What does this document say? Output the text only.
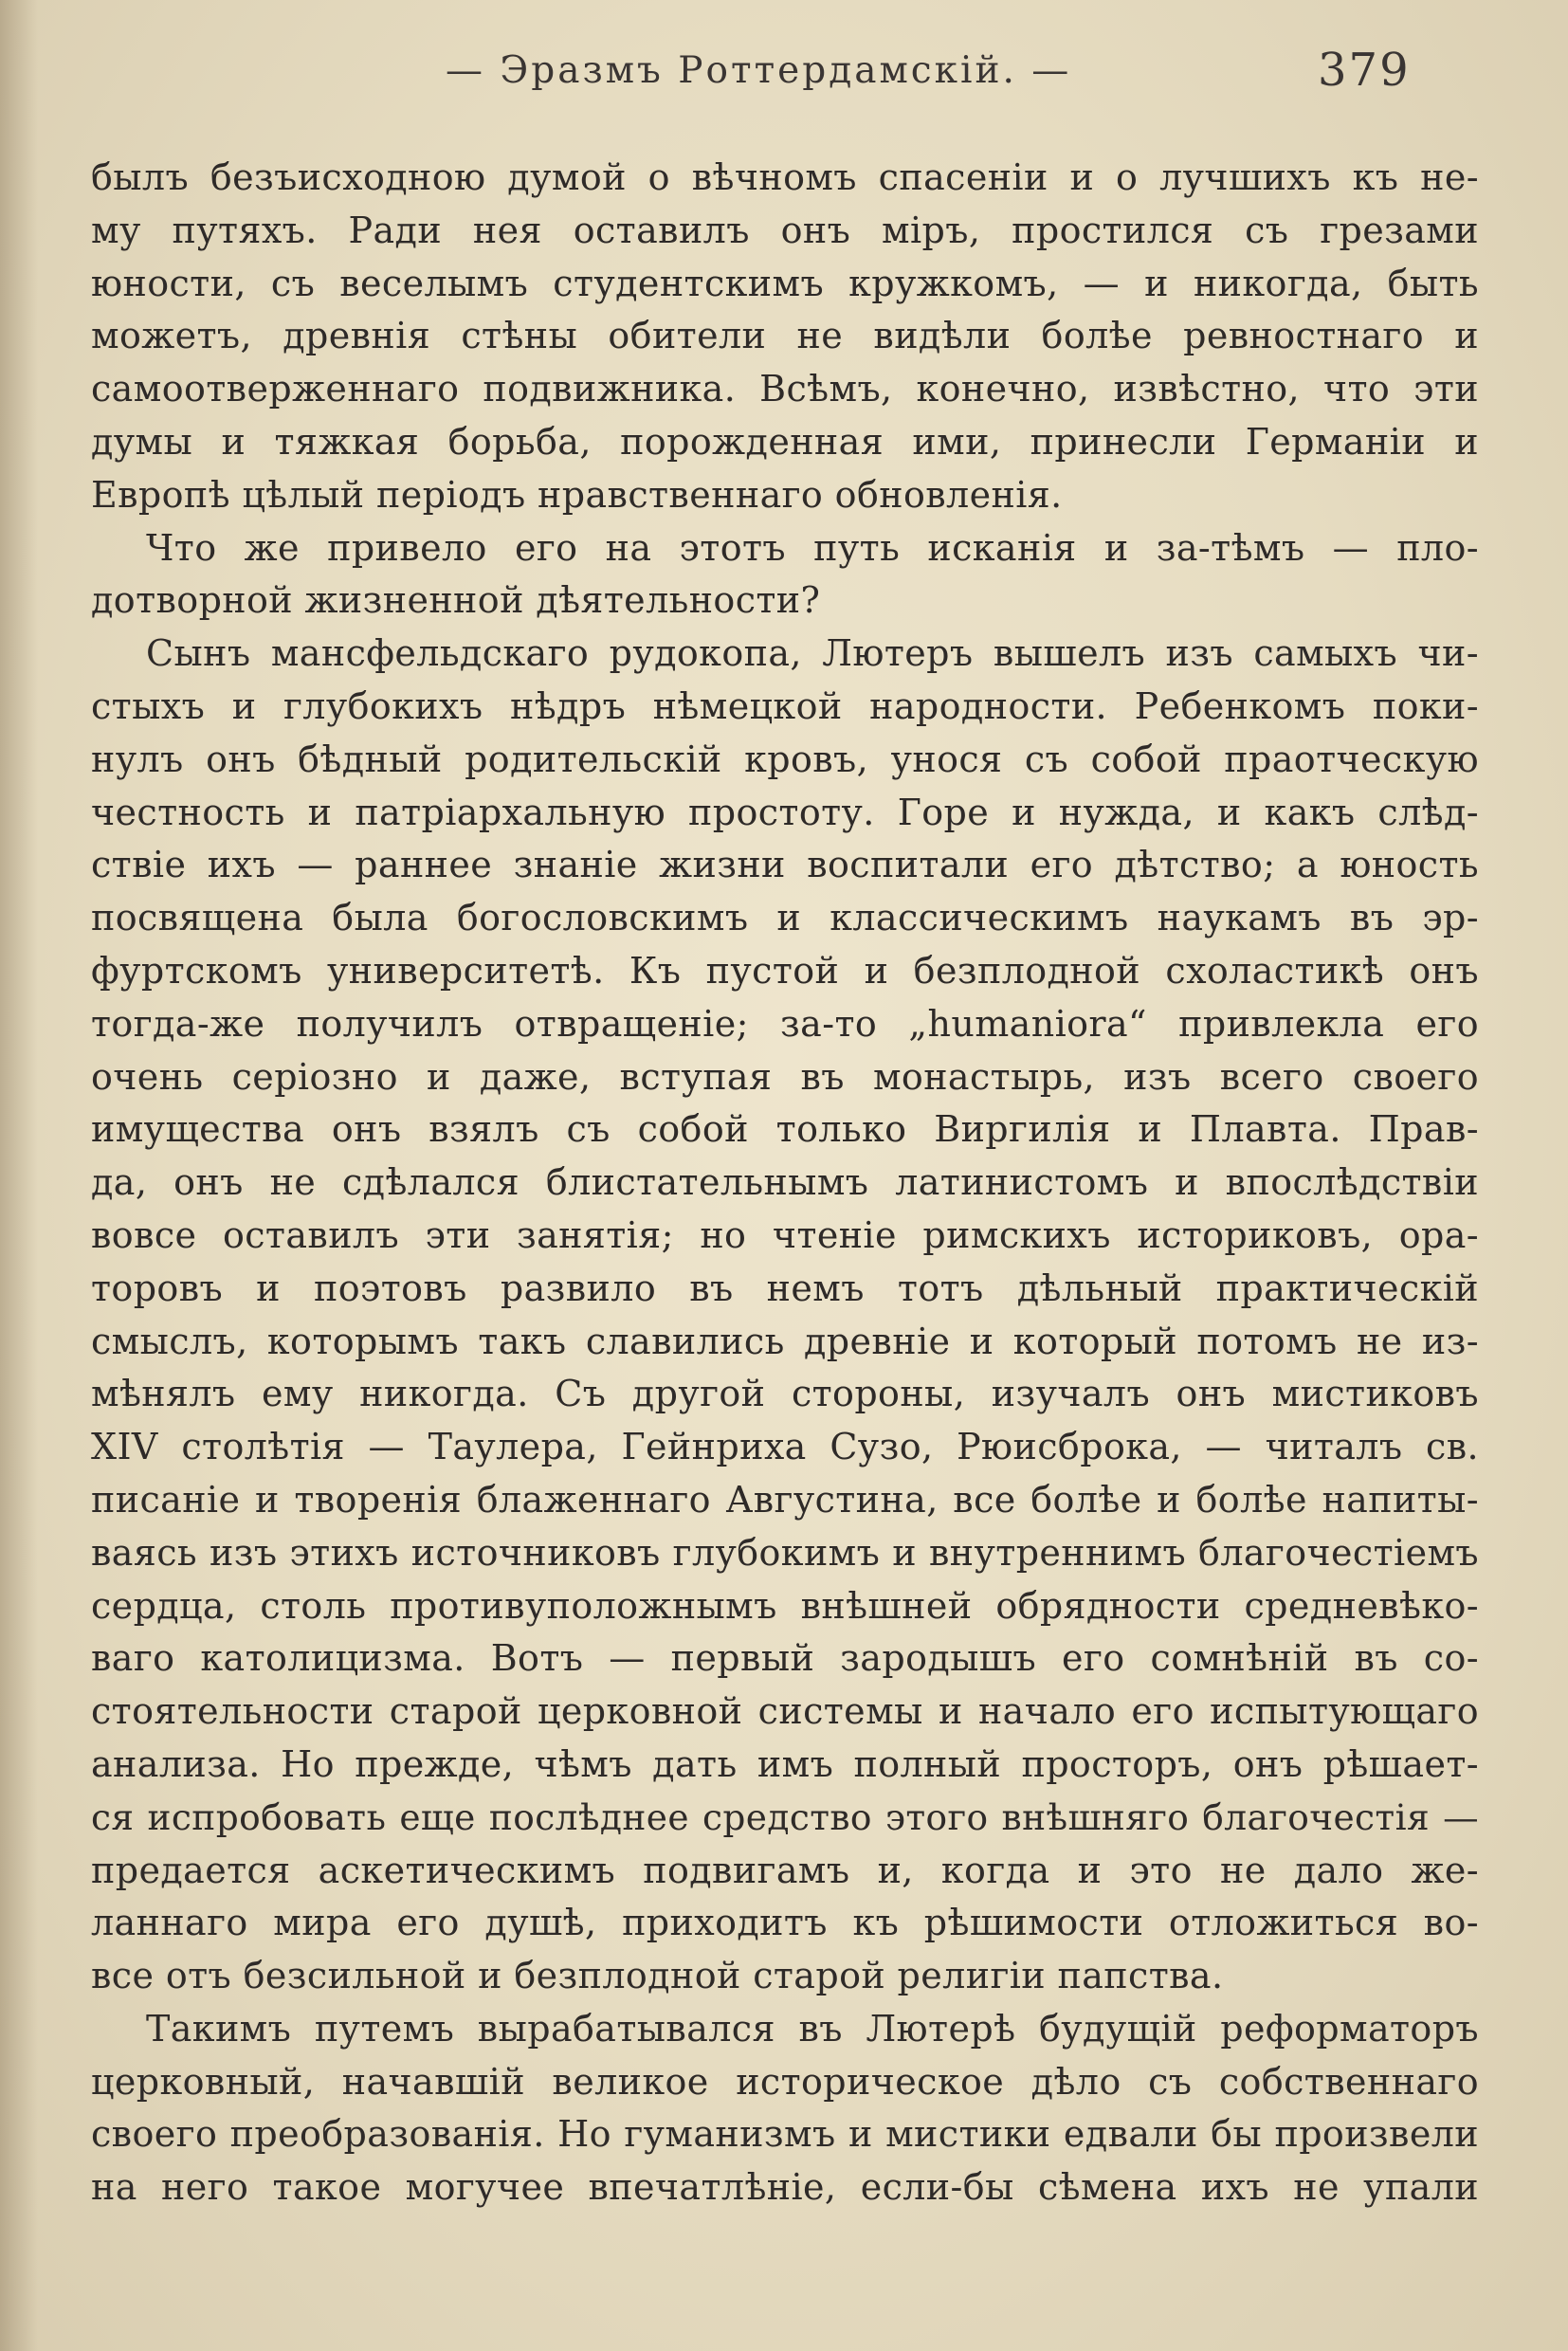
— Эразмъ Роттердамскій. —	379
былъ безъисходною думой о вѣчномъ спасеніи и о лучшихъ къ не-
му путяхъ. Ради нея оставилъ онъ міръ, простился съ грезами
юности, съ веселымъ студентскимъ кружкомъ, — и никогда, быть
можетъ, древнія стѣны обители не видѣли болѣе ревностнаго и
самоотверженнаго подвижника. Всѣмъ, конечно, извѣстно, что эти
думы и тяжкая борьба, порожденная ими, принесли Германіи и
Европѣ цѣлый періодъ нравственнаго обновленія.
Что же привело его на этотъ путь исканія и за-тѣмъ — пло-
дотворной жизненной дѣятельности?
Сынъ мансфельдскаго рудокопа, Лютеръ вышелъ изъ самыхъ чи-
стыхъ и глубокихъ нѣдръ нѣмецкой народности. Ребенкомъ поки-
нулъ онъ бѣдный родительскій кровъ, унося съ собой праотческую
честность и патріархальную простоту. Горе и нужда, и какъ слѣд-
ствіе ихъ — раннее знаніе жизни воспитали его дѣтство; а юность
посвящена была богословскимъ и классическимъ наукамъ въ эр-
фуртскомъ университетѣ. Къ пустой и безплодной схоластикѣ онъ
тогда-же получилъ отвращеніе; за-то „humaniora“ привлекла его
очень серіозно и даже, вступая въ монастырь, изъ всего своего
имущества онъ взялъ съ собой только Виргилія и Плавта. Прав-
да, онъ не сдѣлался блистательнымъ латинистомъ и впослѣдствіи
вовсе оставилъ эти занятія; но чтеніе римскихъ историковъ, ора-
торовъ и поэтовъ развило въ немъ тотъ дѣльный практическій
смыслъ, которымъ такъ славились древніе и который потомъ не из-
мѣнялъ ему никогда. Съ другой стороны, изучалъ онъ мистиковъ
XIV столѣтія — Таулера, Гейнриха Сузо, Рюисброка, — читалъ св.
писаніе и творенія блаженнаго Августина, все болѣе и болѣе напиты-
ваясь изъ этихъ источниковъ глубокимъ и внутреннимъ благочестіемъ
сердца, столь противуположнымъ внѣшней обрядности средневѣко-
ваго католицизма. Вотъ — первый зародышъ его сомнѣній въ со-
стоятельности старой церковной системы и начало его испытующаго
анализа. Но прежде, чѣмъ дать имъ полный просторъ, онъ рѣшает-
ся испробовать еще послѣднее средство этого внѣшняго благочестія —
предается аскетическимъ подвигамъ и, когда и это не дало же-
ланнаго мира его душѣ, приходитъ къ рѣшимости отложиться во-
все отъ безсильной и безплодной старой религіи папства.
Такимъ путемъ вырабатывался въ Лютерѣ будущій реформаторъ
церковный, начавшій великое историческое дѣло съ собственнаго
своего преобразованія. Но гуманизмъ и мистики едвали бы произвели
на него такое могучее впечатлѣніе, если-бы сѣмена ихъ не упали
